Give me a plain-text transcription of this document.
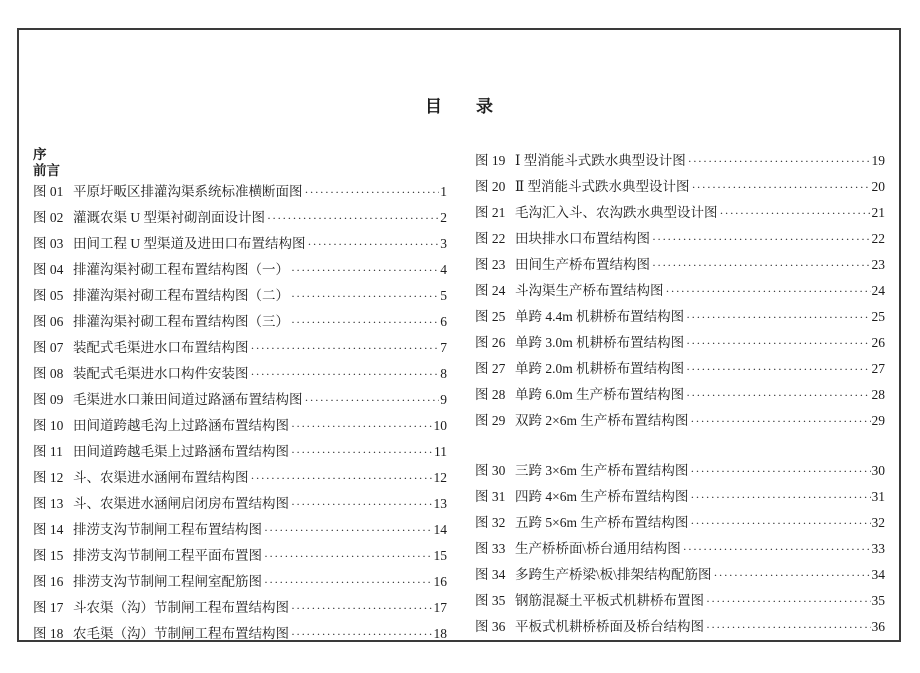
目　　录
序
前言
图 01 平原圩畈区排灌沟渠系统标准横断面图 ·····	1
图 02 灌溉农渠 U 型渠衬砌剖面设计图 ·····	2
图 03 田间工程 U 型渠道及进田口布置结构图 ·····	3
图 04 排灌沟渠衬砌工程布置结构图（一） ·····	4
图 05 排灌沟渠衬砌工程布置结构图（二） ·····	5
图 06 排灌沟渠衬砌工程布置结构图（三） ·····	6
图 07 装配式毛渠进水口布置结构图 ·····	7
图 08 装配式毛渠进水口构件安装图 ·····	8
图 09 毛渠进水口兼田间道过路涵布置结构图 ·····	9
图 10 田间道跨越毛沟上过路涵布置结构图 ·····	10
图 11 田间道跨越毛渠上过路涵布置结构图 ·····	11
图 12 斗、农渠进水涵闸布置结构图 ·····	12
图 13 斗、农渠进水涵闸启闭房布置结构图 ·····	13
图 14 排涝支沟节制闸工程布置结构图 ·····	14
图 15 排涝支沟节制闸工程平面布置图 ·····	15
图 16 排涝支沟节制闸工程闸室配筋图 ·····	16
图 17 斗农渠（沟）节制闸工程布置结构图 ·····	17
图 18 农毛渠（沟）节制闸工程布置结构图 ·····	18
图 19 Ⅰ 型消能斗式跌水典型设计图 ·····	19
图 20 Ⅱ 型消能斗式跌水典型设计图 ·····	20
图 21 毛沟汇入斗、农沟跌水典型设计图 ·····	21
图 22 田块排水口布置结构图 ·····	22
图 23 田间生产桥布置结构图 ·····	23
图 24 斗沟渠生产桥布置结构图 ·····	24
图 25 单跨 4.4m 机耕桥布置结构图 ·····	25
图 26 单跨 3.0m 机耕桥布置结构图 ·····	26
图 27 单跨 2.0m 机耕桥布置结构图 ·····	27
图 28 单跨 6.0m 生产桥布置结构图 ·····	28
图 29 双跨 2×6m 生产桥布置结构图 ·····	29
图 30 三跨 3×6m 生产桥布置结构图 ·····	30
图 31 四跨 4×6m 生产桥布置结构图 ·····	31
图 32 五跨 5×6m 生产桥布置结构图 ·····	32
图 33 生产桥桥面\桥台通用结构图 ·····	33
图 34 多跨生产桥梁\板\排架结构配筋图 ·····	34
图 35 钢筋混凝土平板式机耕桥布置图 ·····	35
图 36 平板式机耕桥桥面及桥台结构图 ·····	36
